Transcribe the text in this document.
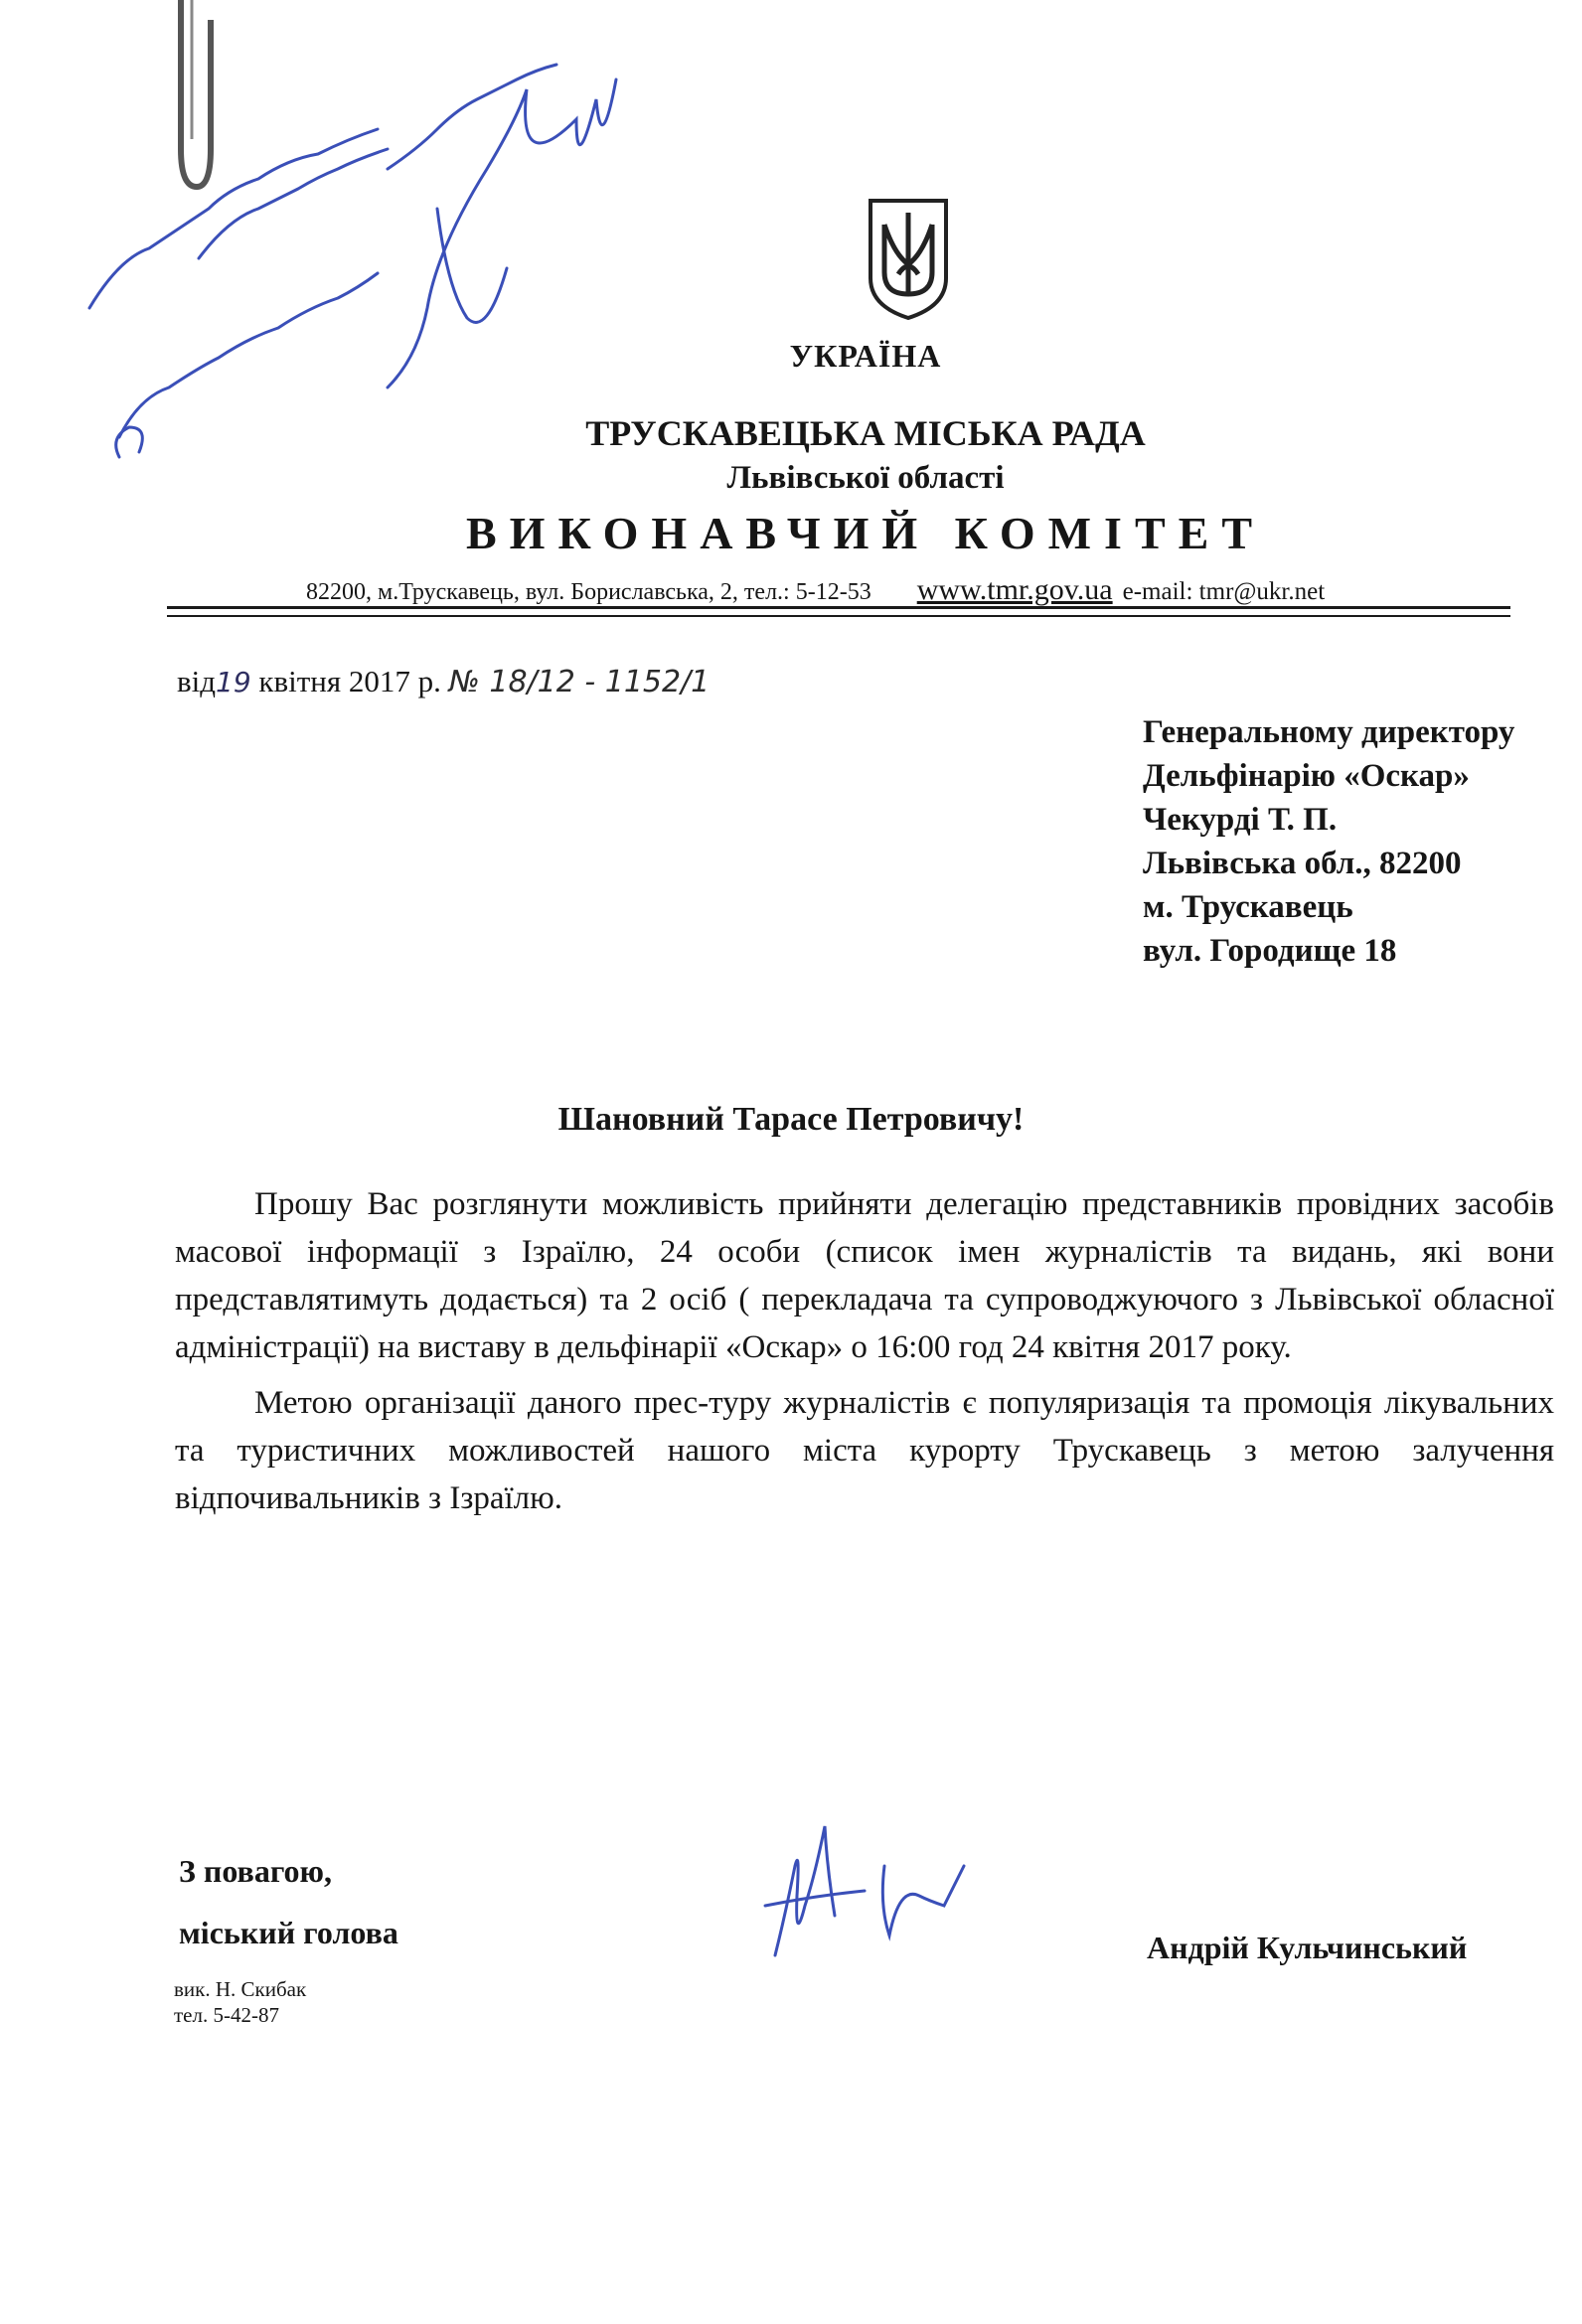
УКРАЇНА
ТРУСКАВЕЦЬКА МІСЬКА РАДА
Львівської області
ВИКОНАВЧИЙ КОМІТЕТ
82200, м.Трускавець, вул. Бориславська, 2, тел.: 5-12-53 www.tmr.gov.ua e-mail: tmr@ukr.net
від19 квітня 2017 р. № 18/12 - 1152/1
Генеральному директору
Дельфінарію «Оскар»
Чекурді Т. П.
Львівська обл., 82200
м. Трускавець
вул. Городище 18
Шановний Тарасе Петровичу!

Прошу Вас розглянути можливість прийняти делегацію представників провідних засобів масової інформації з Ізраїлю, 24 особи (список імен журналістів та видань, які вони представлятимуть додається) та 2 осіб ( перекладача та супроводжуючого з Львівської обласної адміністрації) на виставу в дельфінарії «Оскар» о 16:00 год 24 квітня 2017 року.

Метою організації даного прес-туру журналістів є популяризація та промоція лікувальних та туристичних можливостей нашого міста курорту Трускавець з метою залучення відпочивальників з Ізраїлю.

З повагою,
міський голова
вик. Н. Скибак
тел. 5-42-87
Андрій Кульчинський
